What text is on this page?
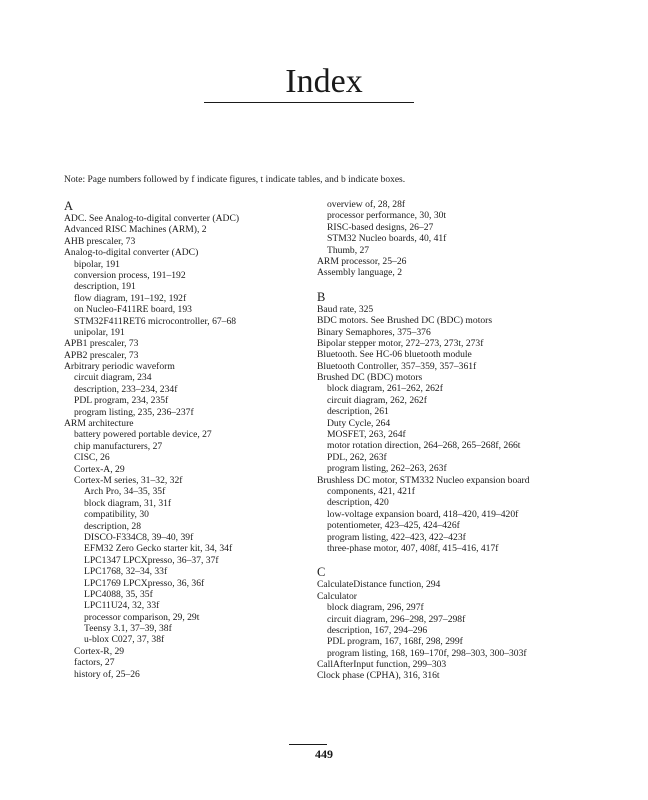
Index
Note: Page numbers followed by f indicate figures, t indicate tables, and b indicate boxes.
A
ADC. See Analog-to-digital converter (ADC)
Advanced RISC Machines (ARM), 2
AHB prescaler, 73
Analog-to-digital converter (ADC)
bipolar, 191
conversion process, 191–192
description, 191
flow diagram, 191–192, 192f
on Nucleo-F411RE board, 193
STM32F411RET6 microcontroller, 67–68
unipolar, 191
APB1 prescaler, 73
APB2 prescaler, 73
Arbitrary periodic waveform
circuit diagram, 234
description, 233–234, 234f
PDL program, 234, 235f
program listing, 235, 236–237f
ARM architecture
battery powered portable device, 27
chip manufacturers, 27
CISC, 26
Cortex-A, 29
Cortex-M series, 31–32, 32f
Arch Pro, 34–35, 35f
block diagram, 31, 31f
compatibility, 30
description, 28
DISCO-F334C8, 39–40, 39f
EFM32 Zero Gecko starter kit, 34, 34f
LPC1347 LPCXpresso, 36–37, 37f
LPC1768, 32–34, 33f
LPC1769 LPCXpresso, 36, 36f
LPC4088, 35, 35f
LPC11U24, 32, 33f
processor comparison, 29, 29t
Teensy 3.1, 37–39, 38f
u-blox C027, 37, 38f
Cortex-R, 29
factors, 27
history of, 25–26
overview of, 28, 28f
processor performance, 30, 30t
RISC-based designs, 26–27
STM32 Nucleo boards, 40, 41f
Thumb, 27
ARM processor, 25–26
Assembly language, 2
B
Baud rate, 325
BDC motors. See Brushed DC (BDC) motors
Binary Semaphores, 375–376
Bipolar stepper motor, 272–273, 273t, 273f
Bluetooth. See HC-06 bluetooth module
Bluetooth Controller, 357–359, 357–361f
Brushed DC (BDC) motors
block diagram, 261–262, 262f
circuit diagram, 262, 262f
description, 261
Duty Cycle, 264
MOSFET, 263, 264f
motor rotation direction, 264–268, 265–268f, 266t
PDL, 262, 263f
program listing, 262–263, 263f
Brushless DC motor, STM332 Nucleo expansion board
components, 421, 421f
description, 420
low-voltage expansion board, 418–420, 419–420f
potentiometer, 423–425, 424–426f
program listing, 422–423, 422–423f
three-phase motor, 407, 408f, 415–416, 417f
C
CalculateDistance function, 294
Calculator
block diagram, 296, 297f
circuit diagram, 296–298, 297–298f
description, 167, 294–296
PDL program, 167, 168f, 298, 299f
program listing, 168, 169–170f, 298–303, 300–303f
CallAfterInput function, 299–303
Clock phase (CPHA), 316, 316t
449
